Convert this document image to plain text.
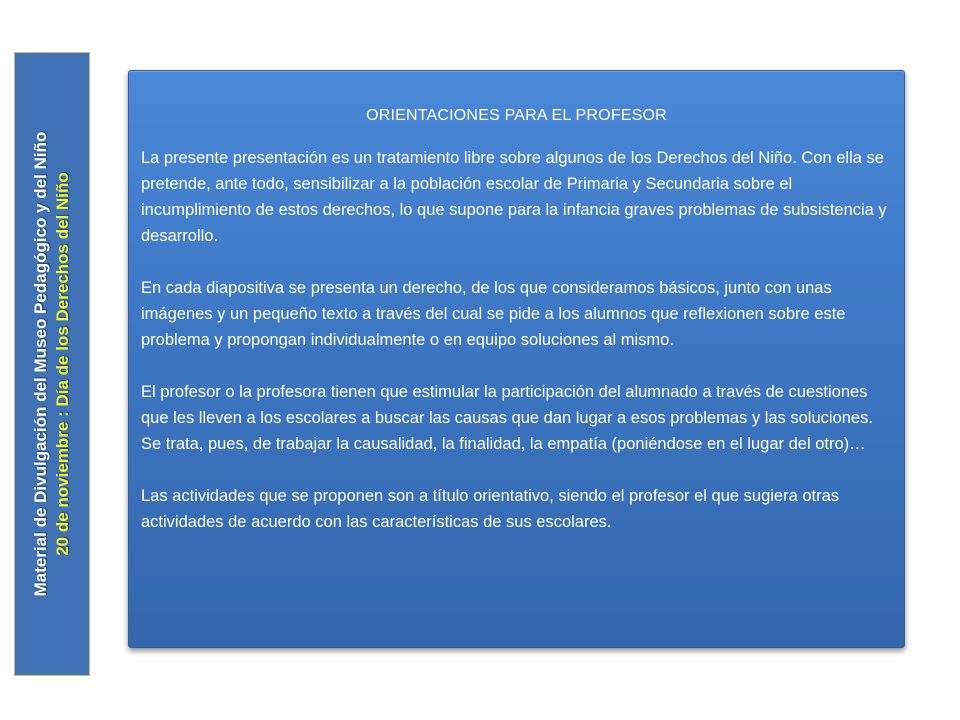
Material de Divulgación del Museo Pedagógico y del Niño 20 de noviembre : Día de los Derechos del Niño
ORIENTACIONES PARA EL PROFESOR

La presente presentación es un tratamiento libre sobre algunos de los Derechos del Niño. Con ella se pretende, ante todo, sensibilizar a la población escolar de Primaria y Secundaria sobre el incumplimiento de estos derechos, lo que supone para la infancia graves problemas de subsistencia y desarrollo.

En cada diapositiva se presenta un derecho, de los que consideramos básicos, junto con unas imágenes y un pequeño texto a través del cual se pide a los alumnos que reflexionen sobre este problema y propongan individualmente o en equipo soluciones al mismo.

El profesor o la profesora tienen que estimular la participación del alumnado a través de cuestiones que les lleven a los escolares a buscar las causas que dan lugar a esos problemas y las soluciones. Se trata, pues, de trabajar la causalidad, la finalidad, la empatía (poniéndose en el lugar del otro)…

Las actividades que se proponen son a título orientativo, siendo el profesor el que sugiera otras actividades de acuerdo con las características de sus escolares.
